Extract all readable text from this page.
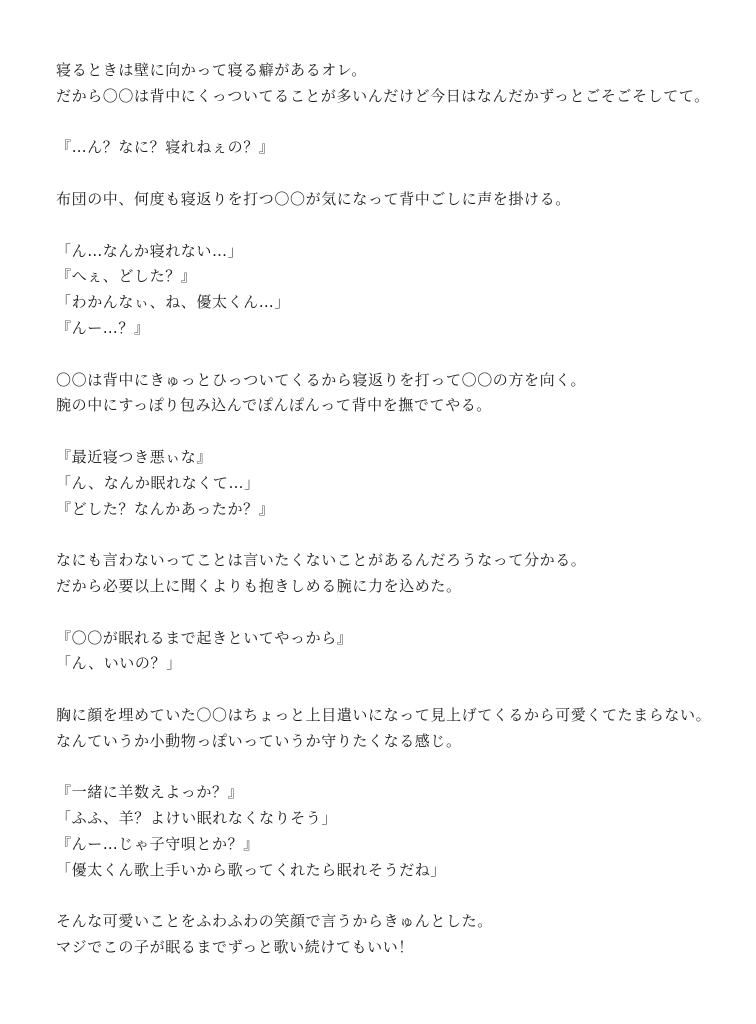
寝るときは壁に向かって寝る癖があるオレ。
だから〇〇は背中にくっついてることが多いんだけど今日はなんだかずっとごそごそしてて。
『…ん？なに？寝れねぇの？』
布団の中、何度も寝返りを打つ〇〇が気になって背中ごしに声を掛ける。
「ん…なんか寝れない…」
『へぇ、どした？』
「わかんなぃ、ね、優太くん…」
『んー…？』
〇〇は背中にきゅっとひっついてくるから寝返りを打って〇〇の方を向く。
腕の中にすっぽり包み込んでぽんぽんって背中を撫でてやる。
『最近寝つき悪ぃな』
「ん、なんか眠れなくて…」
『どした？なんかあったか？』
なにも言わないってことは言いたくないことがあるんだろうなって分かる。
だから必要以上に聞くよりも抱きしめる腕に力を込めた。
『〇〇が眠れるまで起きといてやっから』
「ん、いいの？」
胸に顔を埋めていた〇〇はちょっと上目遣いになって見上げてくるから可愛くてたまらない。
なんていうか小動物っぽいっていうか守りたくなる感じ。
『一緒に羊数えよっか？』
「ふふ、羊？よけい眠れなくなりそう」
『んー…じゃ子守唄とか？』
「優太くん歌上手いから歌ってくれたら眠れそうだね」
そんな可愛いことをふわふわの笑顔で言うからきゅんとした。
マジでこの子が眠るまでずっと歌い続けてもいい！
